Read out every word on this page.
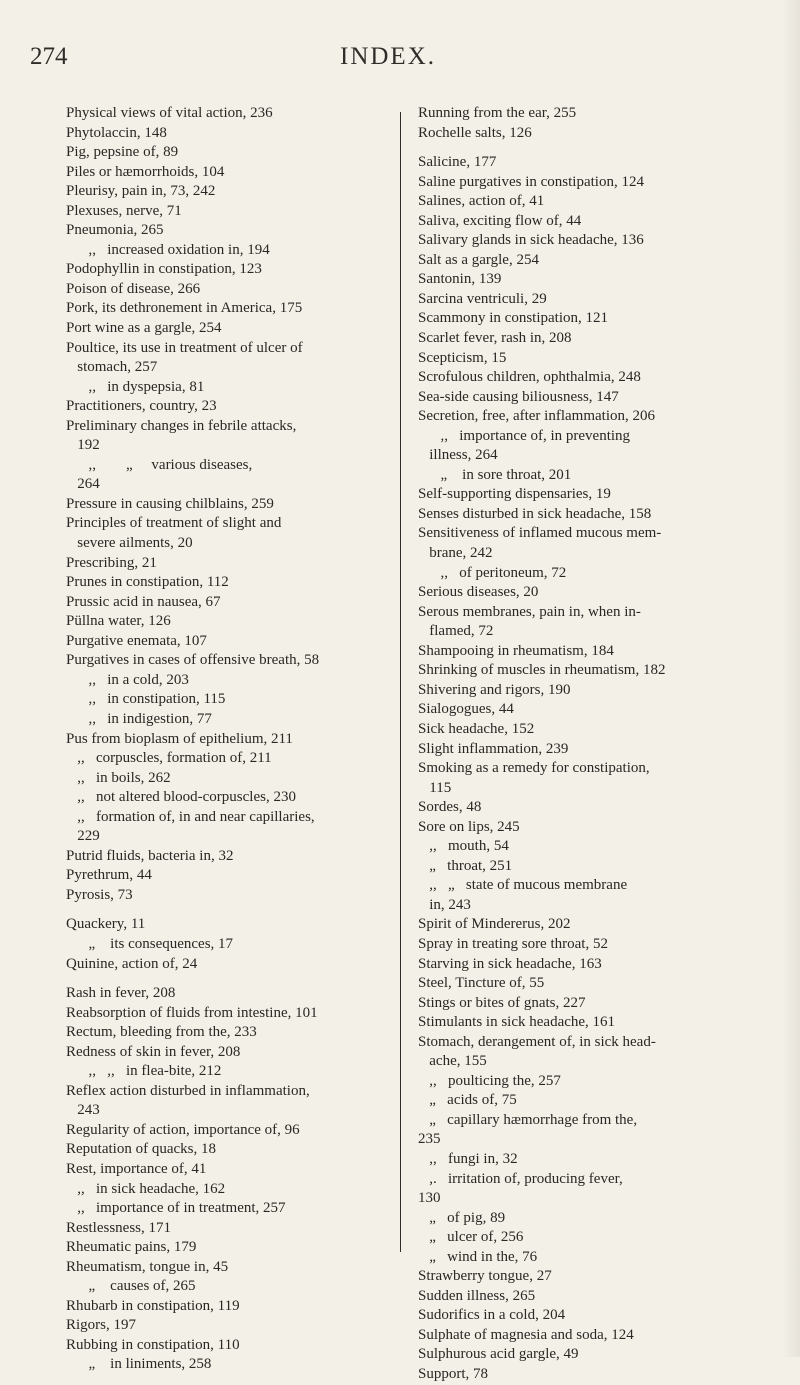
274	INDEX.
Physical views of vital action, 236
Phytolaccin, 148
Pig, pepsine of, 89
Piles or hæmorrhoids, 104
Pleurisy, pain in, 73, 242
Plexuses, nerve, 71
Pneumonia, 265
,,   increased oxidation in, 194
Podophyllin in constipation, 123
Poison of disease, 266
Pork, its dethronement in America, 175
Port wine as a gargle, 254
Poultice, its use in treatment of ulcer of
stomach, 257
,,   in dyspepsia, 81
Practitioners, country, 23
Preliminary changes in febrile attacks,
192
,,        „     various diseases,
264
Pressure in causing chilblains, 259
Principles of treatment of slight and
severe ailments, 20
Prescribing, 21
Prunes in constipation, 112
Prussic acid in nausea, 67
Püllna water, 126
Purgative enemata, 107
Purgatives in cases of offensive breath, 58
,,   in a cold, 203
,,   in constipation, 115
,,   in indigestion, 77
Pus from bioplasm of epithelium, 211
,,   corpuscles, formation of, 211
,,   in boils, 262
,,   not altered blood-corpuscles, 230
,,   formation of, in and near capillaries,
229
Putrid fluids, bacteria in, 32
Pyrethrum, 44
Pyrosis, 73
Quackery, 11
„    its consequences, 17
Quinine, action of, 24
Rash in fever, 208
Reabsorption of fluids from intestine, 101
Rectum, bleeding from the, 233
Redness of skin in fever, 208
,,   ,,   in flea-bite, 212
Reflex action disturbed in inflammation,
243
Regularity of action, importance of, 96
Reputation of quacks, 18
Rest, importance of, 41
,,   in sick headache, 162
,,   importance of in treatment, 257
Restlessness, 171
Rheumatic pains, 179
Rheumatism, tongue in, 45
„    causes of, 265
Rhubarb in constipation, 119
Rigors, 197
Rubbing in constipation, 110
„    in liniments, 258
Running from the ear, 255
Rochelle salts, 126
Salicine, 177
Saline purgatives in constipation, 124
Salines, action of, 41
Saliva, exciting flow of, 44
Salivary glands in sick headache, 136
Salt as a gargle, 254
Santonin, 139
Sarcina ventriculi, 29
Scammony in constipation, 121
Scarlet fever, rash in, 208
Scepticism, 15
Scrofulous children, ophthalmia, 248
Sea-side causing biliousness, 147
Secretion, free, after inflammation, 206
,,   importance of, in preventing
illness, 264
„    in sore throat, 201
Self-supporting dispensaries, 19
Senses disturbed in sick headache, 158
Sensitiveness of inflamed mucous mem-
brane, 242
,,   of peritoneum, 72
Serious diseases, 20
Serous membranes, pain in, when in-
flamed, 72
Shampooing in rheumatism, 184
Shrinking of muscles in rheumatism, 182
Shivering and rigors, 190
Sialogogues, 44
Sick headache, 152
Slight inflammation, 239
Smoking as a remedy for constipation,
115
Sordes, 48
Sore on lips, 245
,,   mouth, 54
„   throat, 251
,,   „   state of mucous membrane
in, 243
Spirit of Mindererus, 202
Spray in treating sore throat, 52
Starving in sick headache, 163
Steel, Tincture of, 55
Stings or bites of gnats, 227
Stimulants in sick headache, 161
Stomach, derangement of, in sick head-
ache, 155
,,   poulticing the, 257
„   acids of, 75
„   capillary hæmorrhage from the,
235
,,   fungi in, 32
,.   irritation of, producing fever,
130
„   of pig, 89
„   ulcer of, 256
„   wind in the, 76
Strawberry tongue, 27
Sudden illness, 265
Sudorifics in a cold, 204
Sulphate of magnesia and soda, 124
Sulphurous acid gargle, 49
Support, 78
